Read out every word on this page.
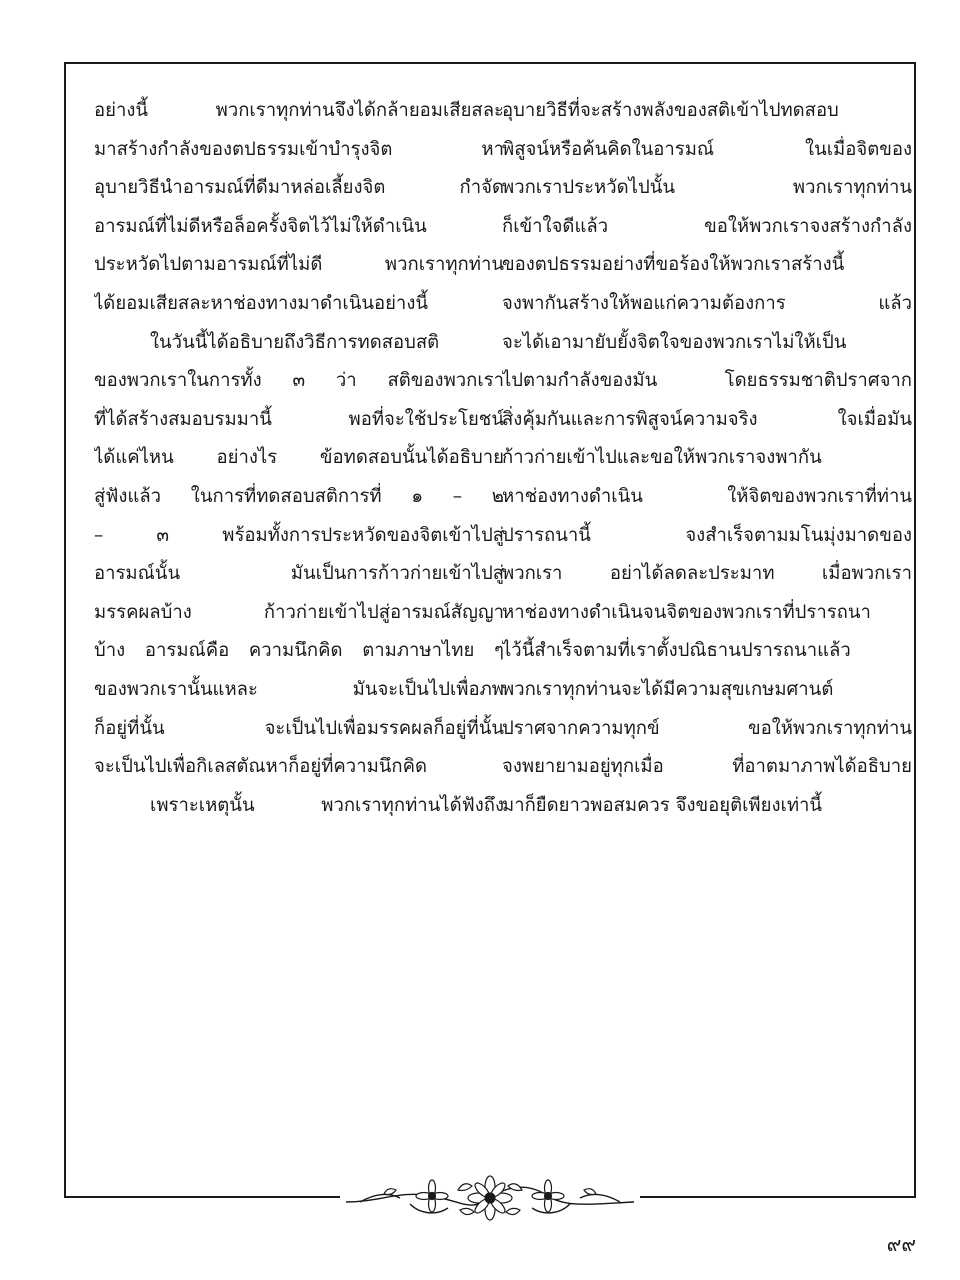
อย่างนี้ พวกเราทุกท่านจึงได้กล้ายอมเสียสละ
มาสร้างกำลังของตปธรรมเข้าบำรุงจิต หา
อุบายวิธีนำอารมณ์ที่ดีมาหล่อเลี้ยงจิต กำจัด
อารมณ์ที่ไม่ดีหรือล็อครั้งจิตไว้ไม่ให้ดำเนิน
ประหวัดไปตามอารมณ์ที่ไม่ดี พวกเราทุกท่าน
ได้ยอมเสียสละหาช่องทางมาดำเนินอย่างนี้
ในวันนี้ได้อธิบายถึงวิธีการทดสอบสติ
ของพวกเราในการทั้ง ๓ ว่า สติของพวกเรา
ที่ได้สร้างสมอบรมมานี้ พอที่จะใช้ประโยชน์
ได้แค่ไหน อย่างไร ข้อทดสอบนั้นได้อธิบาย
สู่ฟังแล้ว ในการที่ทดสอบสติการที่ ๑ – ๒
– ๓ พร้อมทั้งการประหวัดของจิตเข้าไปสู่
อารมณ์นั้น มันเป็นการก้าวก่ายเข้าไปสู่
มรรคผลบ้าง ก้าวก่ายเข้าไปสู่อารมณ์สัญญา
บ้าง อารมณ์คือ ความนึกคิด ตามภาษาไทย ๆ
ของพวกเรานั้นแหละ มันจะเป็นไปเพื่อภพ
ก็อยู่ที่นั้น จะเป็นไปเพื่อมรรคผลก็อยู่ที่นั้น
จะเป็นไปเพื่อกิเลสตัณหาก็อยู่ที่ความนึกคิด
เพราะเหตุนั้น พวกเราทุกท่านได้ฟังถึง
อุบายวิธีที่จะสร้างพลังของสติเข้าไปทดสอบ
พิสูจน์หรือค้นคิดในอารมณ์ ในเมื่อจิตของ
พวกเราประหวัดไปนั้น พวกเราทุกท่าน
ก็เข้าใจดีแล้ว ขอให้พวกเราจงสร้างกำลัง
ของตปธรรมอย่างที่ขอร้องให้พวกเราสร้างนี้
จงพากันสร้างให้พอแก่ความต้องการ แล้ว
จะได้เอามายับยั้งจิตใจของพวกเราไม่ให้เป็น
ไปตามกำลังของมัน โดยธรรมชาติปราศจาก
สิ่งคุ้มกันและการพิสูจน์ความจริง ใจเมื่อมัน
ก้าวก่ายเข้าไปและขอให้พวกเราจงพากัน
หาช่องทางดำเนิน ให้จิตของพวกเราที่ท่าน
ปรารถนานี้ จงสำเร็จตามมโนมุ่งมาดของ
พวกเรา อย่าได้ลดละประมาท เมื่อพวกเรา
หาช่องทางดำเนินจนจิตของพวกเราที่ปรารถนา
ไว้นี้สำเร็จตามที่เราตั้งปณิธานปรารถนาแล้ว
พวกเราทุกท่านจะได้มีความสุขเกษมศานต์
ปราศจากความทุกข์ ขอให้พวกเราทุกท่าน
จงพยายามอยู่ทุกเมื่อ ที่อาตมาภาพได้อธิบาย
มาก็ยืดยาวพอสมควร จึงขอยุติเพียงเท่านี้
๙๙
